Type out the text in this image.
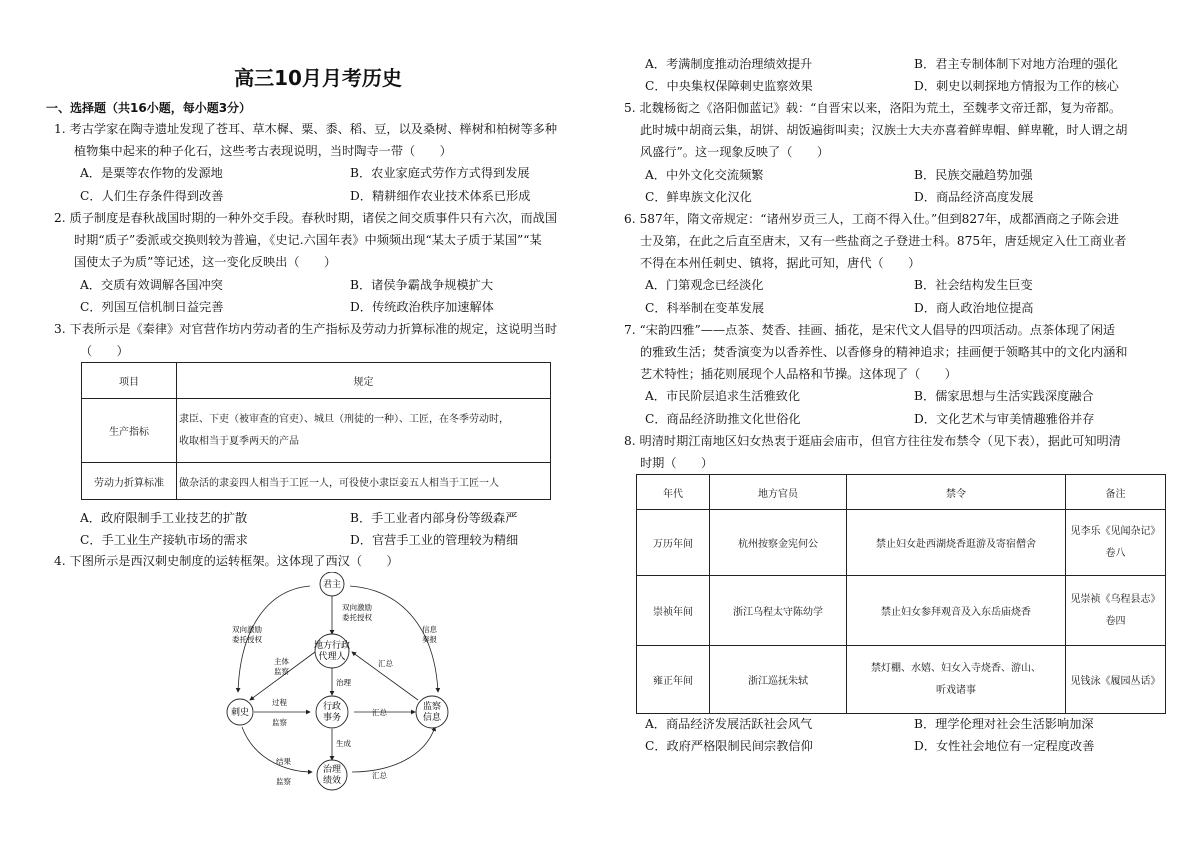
高三10月月考历史
一、选择题（共16小题，每小题3分）
1. 考古学家在陶寺遗址发现了苍耳、草木樨、粟、黍、稻、豆，以及桑树、榉树和柏树等多种
植物集中起来的种子化石，这些考古表现说明，当时陶寺一带（　　）
A．是粟等农作物的发源地	B．农业家庭式劳作方式得到发展
C．人们生存条件得到改善	D．精耕细作农业技术体系已形成
2. 质子制度是春秋战国时期的一种外交手段。春秋时期，诸侯之间交质事件只有六次，而战国
时期“质子”委派或交换则较为普遍，《史记.六国年表》中频频出现“某太子质于某国”“某
国使太子为质”等记述，这一变化反映出（　　）
A．交质有效调解各国冲突	B．诸侯争霸战争规模扩大
C．列国互信机制日益完善	D．传统政治秩序加速解体
3. 下表所示是《秦律》对官营作坊内劳动者的生产指标及劳动力折算标准的规定，这说明当时
（　　）
项目	规定
生产指标	隶臣、下吏（被审查的官吏）、城旦（刑徒的一种）、工匠，在冬季劳动时，
收取相当于夏季两天的产品

劳动力折算标准	做杂活的隶妾四人相当于工匠一人，可役使小隶臣妾五人相当于工匠一人
A．政府限制手工业技艺的扩散	B．手工业者内部身份等级森严
C．手工业生产接轨市场的需求	D．官营手工业的管理较为精细
4. 下图所示是西汉刺史制度的运转框架。这体现了西汉（　　）
君主
地方行政
代理人
刺史
行政
事务
监察
信息
治理
绩效
双向激励
委托授权
双向激励
委托授权
信息
奏报
主体
监察
汇总
治理
过程
监察
汇总
生成
结果
监察
汇总
A．考满制度推动治理绩效提升	B．君主专制体制下对地方治理的强化
C．中央集权保障刺史监察效果	D．刺史以刺探地方情报为工作的核心
5. 北魏杨衒之《洛阳伽蓝记》载：“自晋宋以来，洛阳为荒土，至魏孝文帝迁都，复为帝都。
此时城中胡商云集，胡饼、胡饭遍街叫卖；汉族士大夫亦喜着鲜卑帽、鲜卑靴，时人谓之胡
风盛行”。这一现象反映了（　　）
A．中外文化交流频繁	B．民族交融趋势加强
C．鲜卑族文化汉化	D．商品经济高度发展
6. 587年，隋文帝规定：“诸州岁贡三人，工商不得入仕。”但到827年，成都酒商之子陈会进
士及第，在此之后直至唐末，又有一些盐商之子登进士科。875年，唐廷规定入仕工商业者
不得在本州任刺史、镇将，据此可知，唐代（　　）
A．门第观念已经淡化	B．社会结构发生巨变
C．科举制在变革发展	D．商人政治地位提高
7. “宋韵四雅”——点茶、焚香、挂画、插花，是宋代文人倡导的四项活动。点茶体现了闲适
的雅致生活；焚香演变为以香养性、以香修身的精神追求；挂画便于领略其中的文化内涵和
艺术特性；插花则展现个人品格和节操。这体现了（　　）
A．市民阶层追求生活雅致化	B．儒家思想与生活实践深度融合
C．商品经济助推文化世俗化	D．文化艺术与审美情趣雅俗并存
8. 明清时期江南地区妇女热衷于逛庙会庙市，但官方往往发布禁令（见下表），据此可知明清
时期（　　）
年代	地方官员	禁令	备注
万历年间	杭州按察金宪何公	禁止妇女赴西湖烧香逛游及寄宿僧舍	见李乐《见闻杂记》
卷八

崇祯年间	浙江乌程太守陈幼学	禁止妇女参拜观音及入东岳庙烧香	见崇祯《乌程县志》
卷四

雍正年间	浙江巡抚朱轼	禁灯棚、水嬉、妇女入寺烧香、游山、
听戏诸事	见钱泳《履园丛话》
A．商品经济发展活跃社会风气	B．理学伦理对社会生活影响加深
C．政府严格限制民间宗教信仰	D．女性社会地位有一定程度改善
